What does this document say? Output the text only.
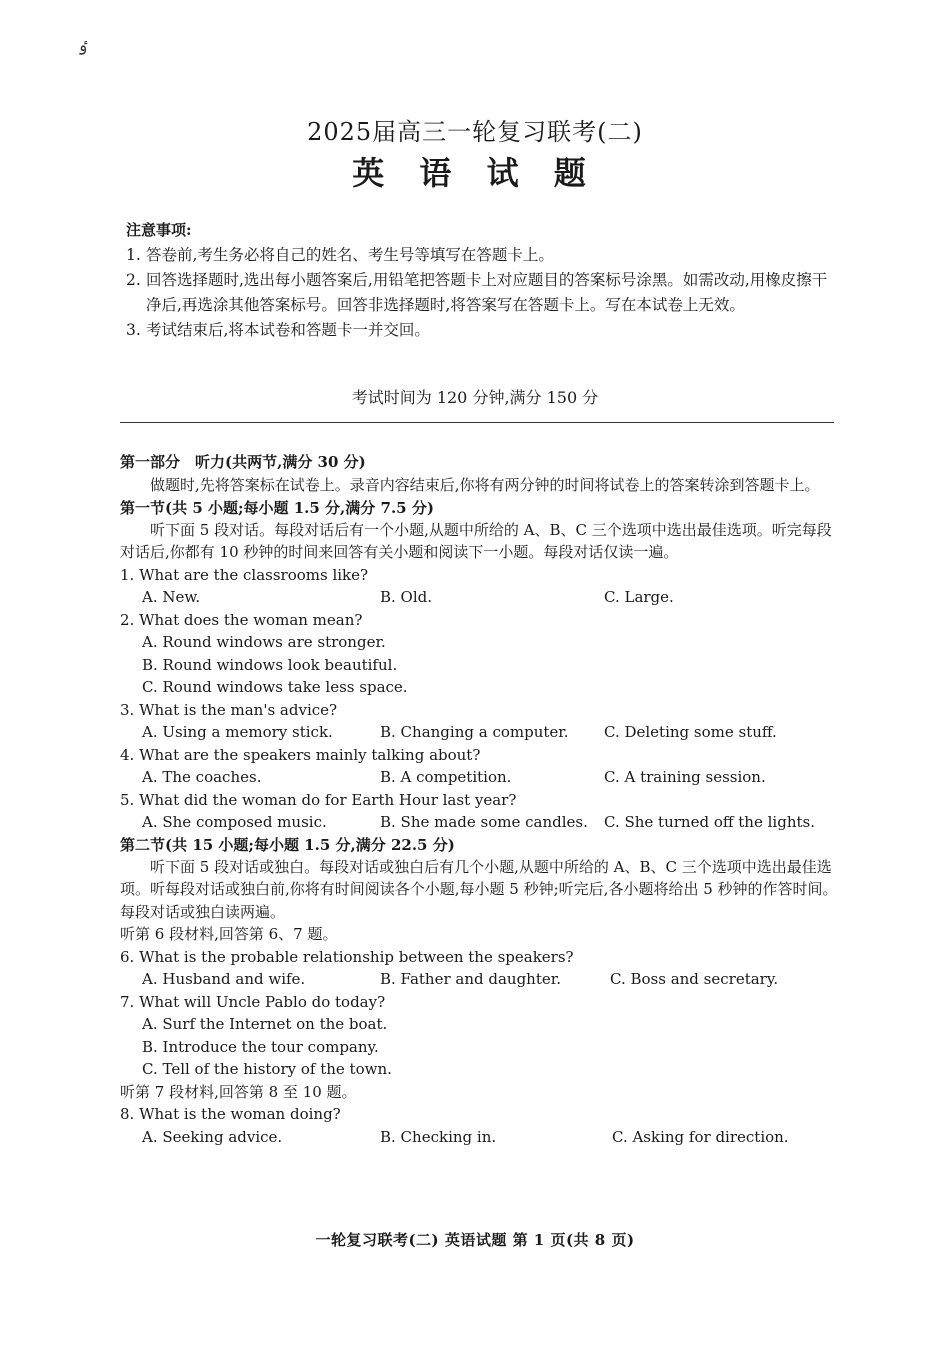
ٶ
2025届高三一轮复习联考(二)
英 语 试 题
注意事项:
1. 答卷前,考生务必将自己的姓名、考生号等填写在答题卡上。
2. 回答选择题时,选出每小题答案后,用铅笔把答题卡上对应题目的答案标号涂黑。如需改动,用橡皮擦干净后,再选涂其他答案标号。回答非选择题时,将答案写在答题卡上。写在本试卷上无效。
3. 考试结束后,将本试卷和答题卡一并交回。
考试时间为 120 分钟,满分 150 分
第一部分　听力(共两节,满分 30 分)
做题时,先将答案标在试卷上。录音内容结束后,你将有两分钟的时间将试卷上的答案转涂到答题卡上。
第一节(共 5 小题;每小题 1.5 分,满分 7.5 分)
听下面 5 段对话。每段对话后有一个小题,从题中所给的 A、B、C 三个选项中选出最佳选项。听完每段对话后,你都有 10 秒钟的时间来回答有关小题和阅读下一小题。每段对话仅读一遍。
1. What are the classrooms like?
A. New.	B. Old.	C. Large.
2. What does the woman mean?
A. Round windows are stronger.
B. Round windows look beautiful.
C. Round windows take less space.
3. What is the man's advice?
A. Using a memory stick.	B. Changing a computer. C. Deleting some stuff.
4. What are the speakers mainly talking about?
A. The coaches.	B. A competition.	C. A training session.
5. What did the woman do for Earth Hour last year?
A. She composed music.	B. She made some candles. C. She turned off the lights.
第二节(共 15 小题;每小题 1.5 分,满分 22.5 分)
听下面 5 段对话或独白。每段对话或独白后有几个小题,从题中所给的 A、B、C 三个选项中选出最佳选项。听每段对话或独白前,你将有时间阅读各个小题,每小题 5 秒钟;听完后,各小题将给出 5 秒钟的作答时间。每段对话或独白读两遍。
听第 6 段材料,回答第 6、7 题。
6. What is the probable relationship between the speakers?
A. Husband and wife.	B. Father and daughter.	C. Boss and secretary.
7. What will Uncle Pablo do today?
A. Surf the Internet on the boat.
B. Introduce the tour company.
C. Tell of the history of the town.
听第 7 段材料,回答第 8 至 10 题。
8. What is the woman doing?
A. Seeking advice.	B. Checking in.	C. Asking for direction.
一轮复习联考(二) 英语试题 第 1 页(共 8 页)
